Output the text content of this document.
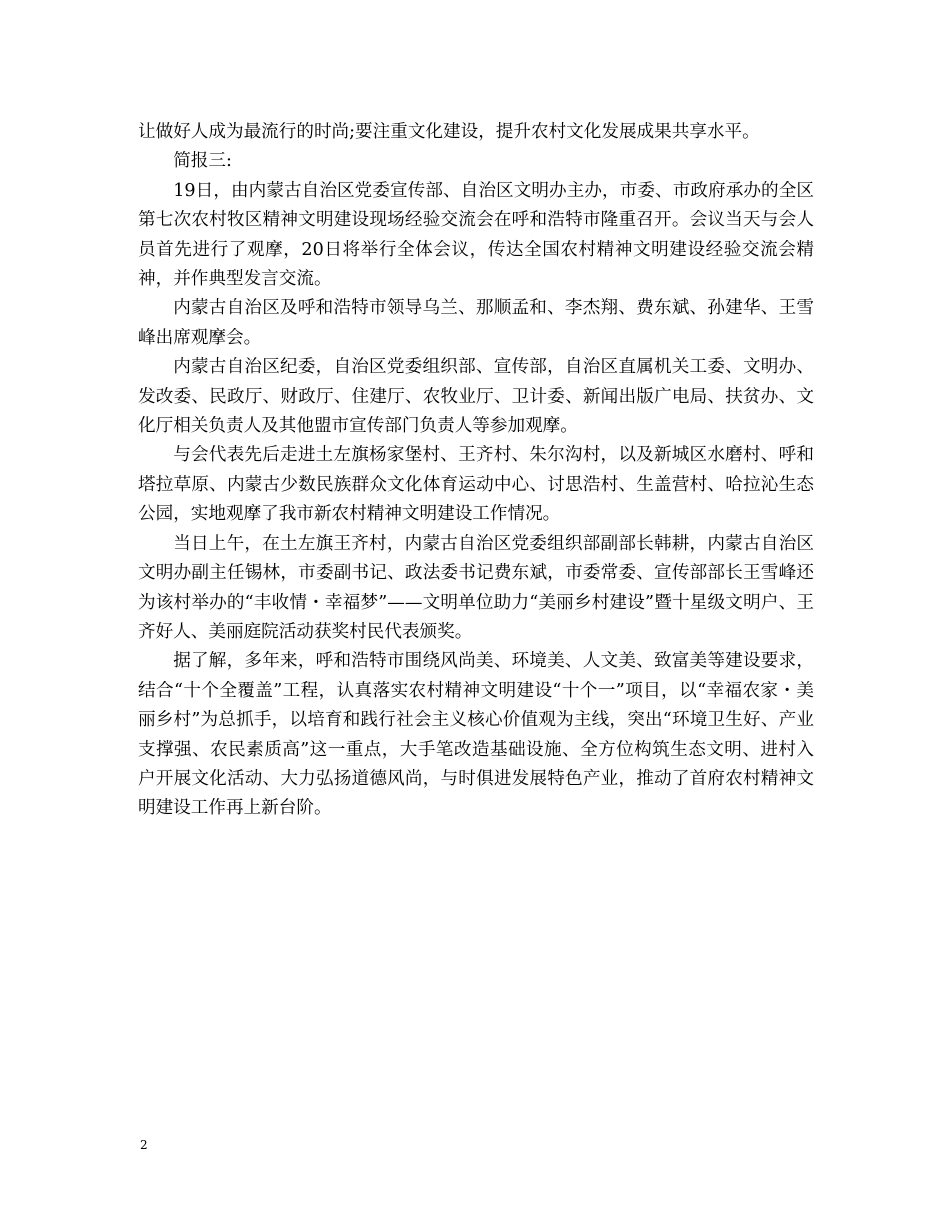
让做好人成为最流行的时尚;要注重文化建设，提升农村文化发展成果共享水平。

简报三:

19日，由内蒙古自治区党委宣传部、自治区文明办主办，市委、市政府承办的全区第七次农村牧区精神文明建设现场经验交流会在呼和浩特市隆重召开。会议当天与会人员首先进行了观摩，20日将举行全体会议，传达全国农村精神文明建设经验交流会精神，并作典型发言交流。

内蒙古自治区及呼和浩特市领导乌兰、那顺孟和、李杰翔、费东斌、孙建华、王雪峰出席观摩会。

内蒙古自治区纪委，自治区党委组织部、宣传部，自治区直属机关工委、文明办、发改委、民政厅、财政厅、住建厅、农牧业厅、卫计委、新闻出版广电局、扶贫办、文化厅相关负责人及其他盟市宣传部门负责人等参加观摩。

与会代表先后走进土左旗杨家堡村、王齐村、朱尔沟村，以及新城区水磨村、呼和塔拉草原、内蒙古少数民族群众文化体育运动中心、讨思浩村、生盖营村、哈拉沁生态公园，实地观摩了我市新农村精神文明建设工作情况。

当日上午，在土左旗王齐村，内蒙古自治区党委组织部副部长韩耕，内蒙古自治区文明办副主任锡林，市委副书记、政法委书记费东斌，市委常委、宣传部部长王雪峰还为该村举办的“丰收情・幸福梦”——文明单位助力“美丽乡村建设”暨十星级文明户、王齐好人、美丽庭院活动获奖村民代表颁奖。

据了解，多年来，呼和浩特市围绕风尚美、环境美、人文美、致富美等建设要求，结合“十个全覆盖”工程，认真落实农村精神文明建设“十个一”项目，以“幸福农家・美丽乡村”为总抓手，以培育和践行社会主义核心价值观为主线，突出“环境卫生好、产业支撑强、农民素质高”这一重点，大手笔改造基础设施、全方位构筑生态文明、进村入户开展文化活动、大力弘扬道德风尚，与时俱进发展特色产业，推动了首府农村精神文明建设工作再上新台阶。

2
